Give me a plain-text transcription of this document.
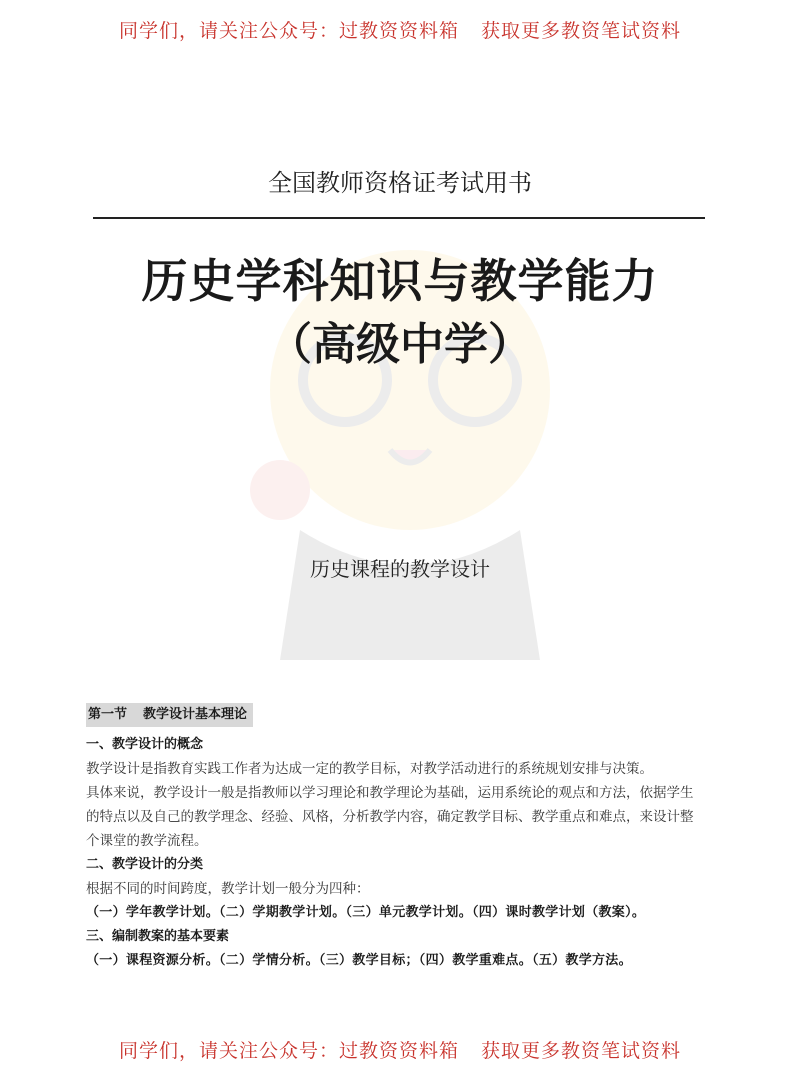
同学们，请关注公众号：过教资资料箱 获取更多教资笔试资料
全国教师资格证考试用书
历史学科知识与教学能力
（高级中学）
历史课程的教学设计
第一节 教学设计基本理论
一、教学设计的概念
教学设计是指教育实践工作者为达成一定的教学目标，对教学活动进行的系统规划安排与决策。
具体来说，教学设计一般是指教师以学习理论和教学理论为基础，运用系统论的观点和方法，依据学生
的特点以及自己的教学理念、经验、风格，分析教学内容，确定教学目标、教学重点和难点，来设计整
个课堂的教学流程。
二、教学设计的分类
根据不同的时间跨度，教学计划一般分为四种：
（一）学年教学计划。（二）学期教学计划。（三）单元教学计划。（四）课时教学计划（教案）。
三、编制教案的基本要素
（一）课程资源分析。（二）学情分析。（三）教学目标；（四）教学重难点。（五）教学方法。
同学们，请关注公众号：过教资资料箱 获取更多教资笔试资料
